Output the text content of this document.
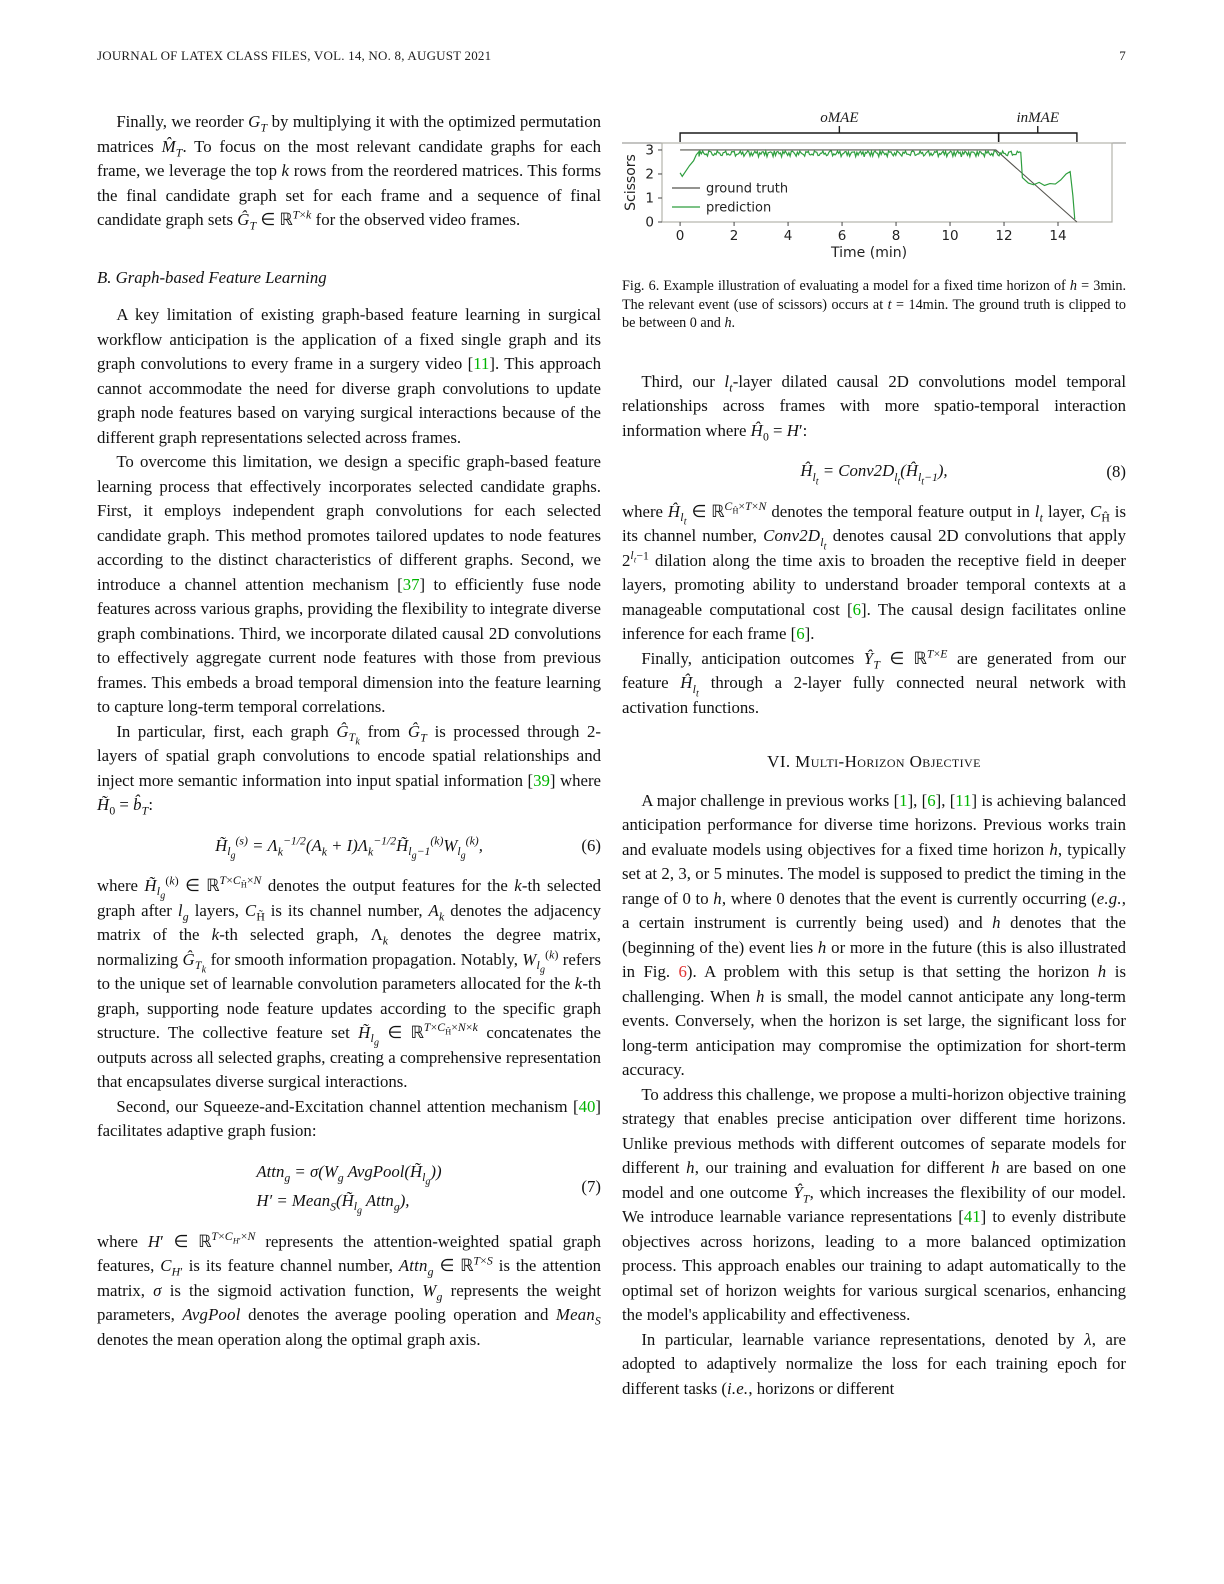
JOURNAL OF LATEX CLASS FILES, VOL. 14, NO. 8, AUGUST 2021	7

Finally, we reorder $G_T$ by multiplying it with the optimized permutation matrices $M̂_T$. To focus on the most relevant candidate graphs for each frame, we leverage the top k rows from the reordered matrices. This forms the final candidate graph set for each frame and a sequence of final candidate graph sets $Ĝ_T$ ∈ ℝ$^{T\times k}$ for the observed video frames.

B. Graph-based Feature Learning

A key limitation of existing graph-based feature learning in surgical workflow anticipation is the application of a fixed single graph and its graph convolutions to every frame in a surgery video [11]. This approach cannot accommodate the need for diverse graph convolutions to update graph node features based on varying surgical interactions because of the different graph representations selected across frames.

To overcome this limitation, we design a specific graph-based feature learning process that effectively incorporates selected candidate graphs. First, it employs independent graph convolutions for each selected candidate graph. This method promotes tailored updates to node features according to the distinct characteristics of different graphs. Second, we introduce a channel attention mechanism [37] to efficiently fuse node features across various graphs, providing the flexibility to integrate diverse graph combinations. Third, we incorporate dilated causal 2D convolutions to effectively aggregate current node features with those from previous frames. This embeds a broad temporal dimension into the feature learning to capture long-term temporal correlations.

In particular, first, each graph $Ĝ_{T_k}$ from $Ĝ_T$ is processed through 2-layers of spatial graph convolutions to encode spatial relationships and inject more semantic information into input spatial information [39] where $H̃_0$ = $b̂_T$:

$H̃_{l_g}^{(s)} = \Lambda_k^{-1/2}(A_k$ + $I)\Lambda_k^{-1/2}H̃_{l_g-1}^{(k)}W_{l_g}^{(k)}$,	(6)

where $H̃_{l_g}^{(k)}$ ∈ ℝ$^{T\times C_{H̃}\times N}$ denotes the output features for the k-th selected graph after $l_g$ layers, $C_{H̃}$ is its channel number, $A_k$ denotes the adjacency matrix of the k-th selected graph, $\Lambda_k$ denotes the degree matrix, normalizing $Ĝ_{T_k}$ for smooth information propagation. Notably, $W_{l_g}^{(k)}$ refers to the unique set of learnable convolution parameters allocated for the k-th graph, supporting node feature updates according to the specific graph structure. The collective feature set $H̃_{l_g}$ ∈ ℝ$^{T\times C_{H̃}\times N\times k}$ concatenates the outputs across all selected graphs, creating a comprehensive representation that encapsulates diverse surgical interactions.

Second, our Squeeze-and-Excitation channel attention mechanism [40] facilitates adaptive graph fusion:

Attn$_g$ = $\sigma(W_g$ $AvgPool(H̃_{l_g})$)
$H' = Mean_S(H̃_{l_g}$ Attn$_g$),
(7)

where H′ ∈ ℝ$^{T\times C_{H'}\times N}$ represents the attention-weighted spatial graph features, $C_{H'}$ is its feature channel number, Attn$_g$ ∈ ℝ$^{T\times S}$ is the attention matrix, σ is the sigmoid activation function, $W_g$ represents the weight parameters, AvgPool denotes the average pooling operation and Mean$_S$ denotes the mean operation along the optimal graph axis.

0	2	4	6	8	10	12	14
0
1
2
3
Time (min)
Scissors	ground truth
prediction
oMAE	inMAE
Fig. 6. Example illustration of evaluating a model for a fixed time horizon of h = 3min. The relevant event (use of scissors) occurs at t = 14min. The ground truth is clipped to be between 0 and h.

Third, our $l_t$-layer dilated causal 2D convolutions model temporal relationships across frames with more spatio-temporal interaction information where $Ĥ_0 = H'$:

$Ĥ_{l_t}$ = $Conv2D_{l_t}(Ĥ_{l_t-1})$,	(8)

where $Ĥ_{l_t}$ ∈ ℝ$^{C_Ĥ\times T\times N}$ denotes the temporal feature output in $l_t$ layer, $C_Ĥ$ is its channel number, $Conv2D_{l_t}$ denotes causal 2D convolutions that apply $2^{l_t-1}$ dilation along the time axis to broaden the receptive field in deeper layers, promoting ability to understand broader temporal contexts at a manageable computational cost [6]. The causal design facilitates online inference for each frame [6].

Finally, anticipation outcomes $Ŷ_T$ ∈ ℝ$^{T\times E}$ are generated from our feature $Ĥ_{l_t}$ through a 2-layer fully connected neural network with activation functions.

VI. Multi-Horizon Objective

A major challenge in previous works [1], [6], [11] is achieving balanced anticipation performance for diverse time horizons. Previous works train and evaluate models using objectives for a fixed time horizon h, typically set at 2, 3, or 5 minutes. The model is supposed to predict the timing in the range of 0 to h, where 0 denotes that the event is currently occurring (e.g., a certain instrument is currently being used) and h denotes that the (beginning of the) event lies h or more in the future (this is also illustrated in Fig. 6). A problem with this setup is that setting the horizon h is challenging. When h is small, the model cannot anticipate any long-term events. Conversely, when the horizon is set large, the significant loss for long-term anticipation may compromise the optimization for short-term accuracy.

To address this challenge, we propose a multi-horizon objective training strategy that enables precise anticipation over different time horizons. Unlike previous methods with different outcomes of separate models for different h, our training and evaluation for different h are based on one model and one outcome $Ŷ_T$, which increases the flexibility of our model. We introduce learnable variance representations [41] to evenly distribute objectives across horizons, leading to a more balanced optimization process. This approach enables our training to adapt automatically to the optimal set of horizon weights for various surgical scenarios, enhancing the model's applicability and effectiveness.

In particular, learnable variance representations, denoted by λ, are adopted to adaptively normalize the loss for each training epoch for different tasks (i.e., horizons or different
